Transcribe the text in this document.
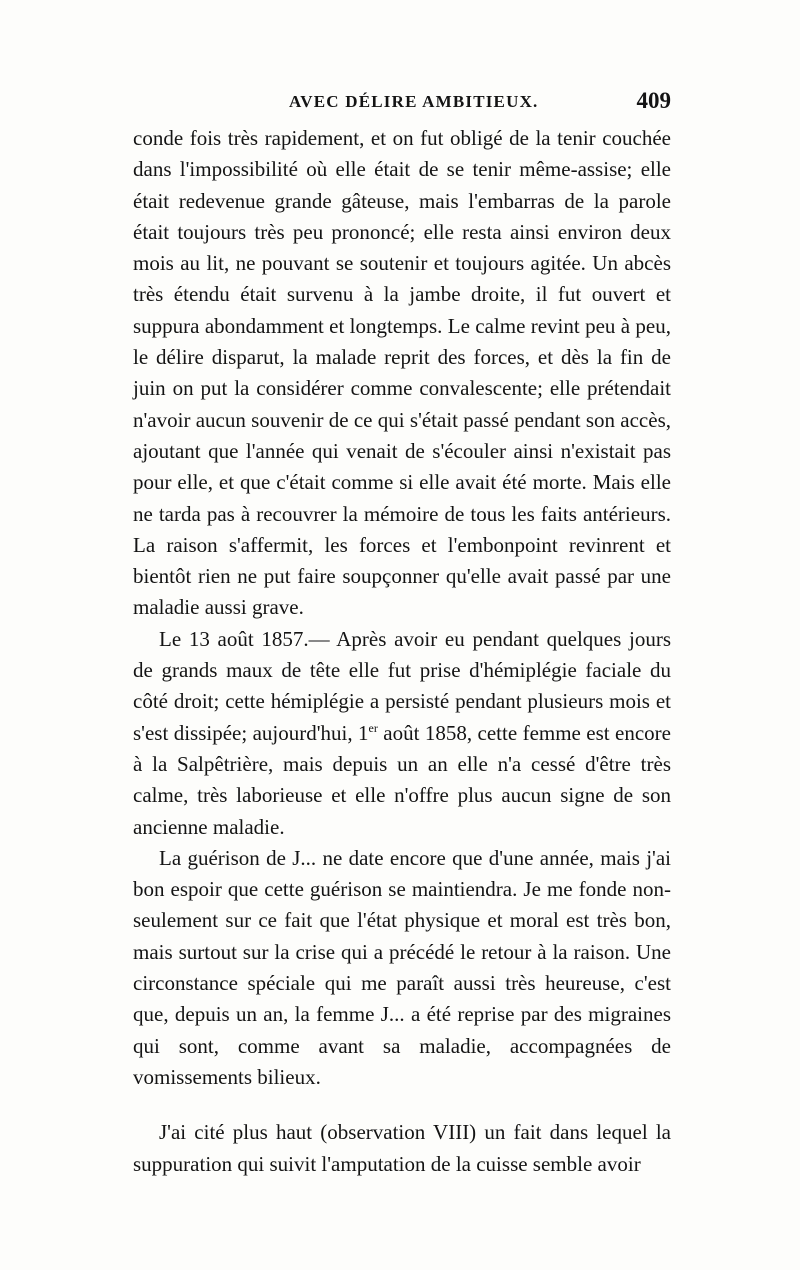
AVEC DÉLIRE AMBITIEUX.	409

conde fois très rapidement, et on fut obligé de la tenir couchée dans l'impossibilité où elle était de se tenir même-assise; elle était redevenue grande gâteuse, mais l'embarras de la parole était toujours très peu prononcé; elle resta ainsi environ deux mois au lit, ne pouvant se soutenir et toujours agitée. Un abcès très étendu était survenu à la jambe droite, il fut ouvert et suppura abondamment et longtemps. Le calme revint peu à peu, le délire disparut, la malade reprit des forces, et dès la fin de juin on put la considérer comme convalescente; elle prétendait n'avoir aucun souvenir de ce qui s'était passé pendant son accès, ajoutant que l'année qui venait de s'écouler ainsi n'existait pas pour elle, et que c'était comme si elle avait été morte. Mais elle ne tarda pas à recouvrer la mémoire de tous les faits antérieurs. La raison s'affermit, les forces et l'embonpoint revinrent et bientôt rien ne put faire soupçonner qu'elle avait passé par une maladie aussi grave.

Le 13 août 1857.— Après avoir eu pendant quelques jours de grands maux de tête elle fut prise d'hémiplégie faciale du côté droit; cette hémiplégie a persisté pendant plusieurs mois et s'est dissipée; aujourd'hui, 1er août 1858, cette femme est encore à la Salpêtrière, mais depuis un an elle n'a cessé d'être très calme, très laborieuse et elle n'offre plus aucun signe de son ancienne maladie.

La guérison de J... ne date encore que d'une année, mais j'ai bon espoir que cette guérison se maintiendra. Je me fonde non-seulement sur ce fait que l'état physique et moral est très bon, mais surtout sur la crise qui a précédé le retour à la raison. Une circonstance spéciale qui me paraît aussi très heureuse, c'est que, depuis un an, la femme J... a été reprise par des migraines qui sont, comme avant sa maladie, accompagnées de vomissements bilieux.

J'ai cité plus haut (observation VIII) un fait dans lequel la suppuration qui suivit l'amputation de la cuisse semble avoir
